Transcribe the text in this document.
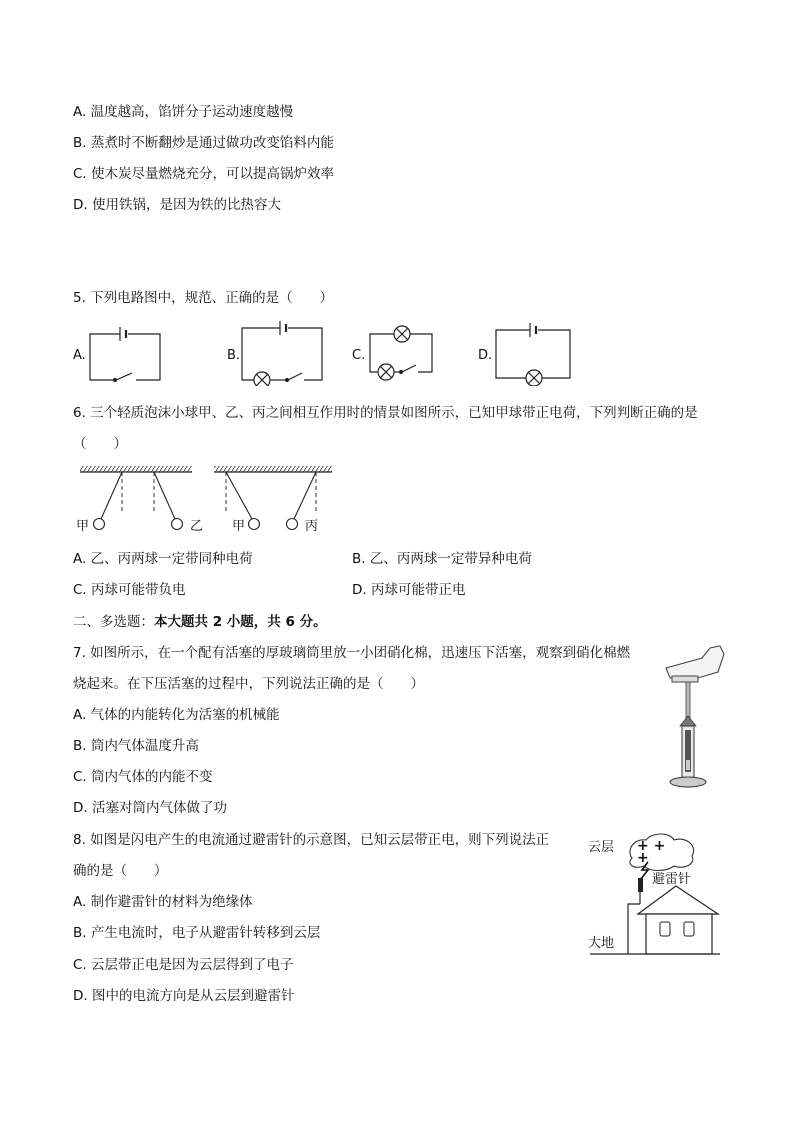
A. 温度越高，馅饼分子运动速度越慢
B. 蒸煮时不断翻炒是通过做功改变馅料内能
C. 使木炭尽量燃烧充分，可以提高锅炉效率
D. 使用铁锅，是因为铁的比热容大
5. 下列电路图中，规范、正确的是（　　）
A.	B.	C.	D.
6. 三个轻质泡沫小球甲、乙、丙之间相互作用时的情景如图所示，已知甲球带正电荷，下列判断正确的是
（　　）
甲	乙 甲	丙
A. 乙、丙两球一定带同种电荷	B. 乙、丙两球一定带异种电荷
C. 丙球可能带负电	D. 丙球可能带正电
二、多选题：本大题共 2 小题，共 6 分。
7. 如图所示，在一个配有活塞的厚玻璃筒里放一小团硝化棉，迅速压下活塞，观察到硝化棉燃
烧起来。在下压活塞的过程中，下列说法正确的是（　　）
A. 气体的内能转化为活塞的机械能
B. 筒内气体温度升高
C. 筒内气体的内能不变
D. 活塞对筒内气体做了功
8. 如图是闪电产生的电流通过避雷针的示意图，已知云层带正电，则下列说法正
确的是（　　）
A. 制作避雷针的材料为绝缘体
B. 产生电流时，电子从避雷针转移到云层
C. 云层带正电是因为云层得到了电子
D. 图中的电流方向是从云层到避雷针
云层
避雷针
大地
+ +
+
